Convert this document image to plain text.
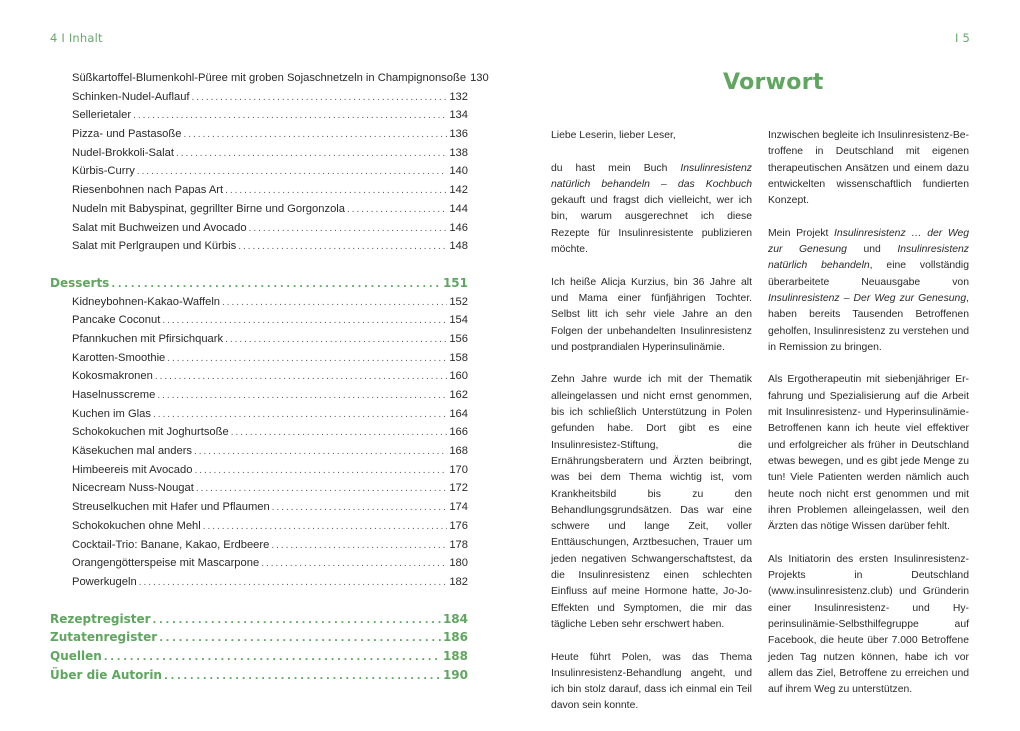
4 I Inhalt
Süßkartoffel-Blumenkohl-Püree mit groben Sojaschnetzeln in Champignonsoße 130
Schinken-Nudel-Auflauf . . .	132
Sellerietaler . . .	134
Pizza- und Pastasoße . . .	136
Nudel-Brokkoli-Salat . . .	138
Kürbis-Curry . . .	140
Riesenbohnen nach Papas Art . . .	142
Nudeln mit Babyspinat, gegrillter Birne und Gorgonzola . . .	144
Salat mit Buchweizen und Avocado . . .	146
Salat mit Perlgraupen und Kürbis . . .	148
Desserts . . .	151
Kidneybohnen-Kakao-Waffeln . . .	152
Pancake Coconut . . .	154
Pfannkuchen mit Pfirsichquark . . .	156
Karotten-Smoothie . . .	158
Kokosmakronen . . .	160
Haselnusscreme . . .	162
Kuchen im Glas . . .	164
Schokokuchen mit Joghurtsoße . . .	166
Käsekuchen mal anders . . .	168
Himbeereis mit Avocado . . .	170
Nicecream Nuss-Nougat . . .	172
Streuselkuchen mit Hafer und Pflaumen . . .	174
Schokokuchen ohne Mehl . . .	176
Cocktail-Trio: Banane, Kakao, Erdbeere . . .	178
Orangengötterspeise mit Mascarpone . . .	180
Powerkugeln . . .	182
Rezeptregister . . .	184
Zutatenregister . . .	186
Quellen . . .	188
Über die Autorin . . .	190
I 5
Vorwort

Liebe Leserin, lieber Leser,

du hast mein Buch Insulinresistenz natürlich behandeln – das Kochbuch gekauft und fragst dich vielleicht, wer ich bin, warum ausgerechnet ich diese Rezepte für Insulinresistente publizieren möchte.

Ich heiße Alicja Kurzius, bin 36 Jahre alt und Mama einer fünfjährigen Tochter. Selbst litt ich sehr viele Jahre an den Folgen der unbehandelten Insulinresistenz und postprandialen Hyperinsulinämie.

Zehn Jahre wurde ich mit der Thematik alleingelassen und nicht ernst genommen, bis ich schließlich Unterstützung in Polen gefunden habe. Dort gibt es eine Insulinresistez-Stiftung, die Ernährungsberatern und Ärzten beibringt, was bei dem Thema wichtig ist, vom Krankheitsbild bis zu den Behandlungsgrundsätzen. Das war eine schwere und lange Zeit, voller Enttäuschungen, Arztbesuchen, Trauer um jeden negativen Schwangerschaftstest, da die Insulinresistenz einen schlechten Einfluss auf meine Hormone hatte, Jo-Jo-Effekten und Symptomen, die mir das tägliche Leben sehr erschwert haben.

Heute führt Polen, was das Thema Insulinresistenz-Behandlung angeht, und ich bin stolz darauf, dass ich einmal ein Teil davon sein konnte.

Inzwischen begleite ich Insulinresistenz-Betroffene in Deutschland mit eigenen therapeutischen Ansätzen und einem dazu entwickelten wissenschaftlich fundierten Konzept.

Mein Projekt Insulinresistenz … der Weg zur Genesung und Insulinresistenz natürlich behandeln, eine vollständig überarbeitete Neuausgabe von Insulinresistenz – Der Weg zur Genesung, haben bereits Tausenden Betroffenen geholfen, Insulinresistenz zu verstehen und in Remission zu bringen.

Als Ergotherapeutin mit siebenjähriger Erfahrung und Spezialisierung auf die Arbeit mit Insulinresistenz- und Hyperinsulinämie-Betroffenen kann ich heute viel effektiver und erfolgreicher als früher in Deutschland etwas bewegen, und es gibt jede Menge zu tun! Viele Patienten werden nämlich auch heute noch nicht erst genommen und mit ihren Problemen alleingelassen, weil den Ärzten das nötige Wissen darüber fehlt.

Als Initiatorin des ersten Insulinresistenz-Projekts in Deutschland (www.insulinresistenz.club) und Gründerin einer Insulinresistenz- und Hyperinsulinämie-Selbsthilfegruppe auf Facebook, die heute über 7.000 Betroffene jeden Tag nutzen können, habe ich vor allem das Ziel, Betroffene zu erreichen und auf ihrem Weg zu unterstützen.
